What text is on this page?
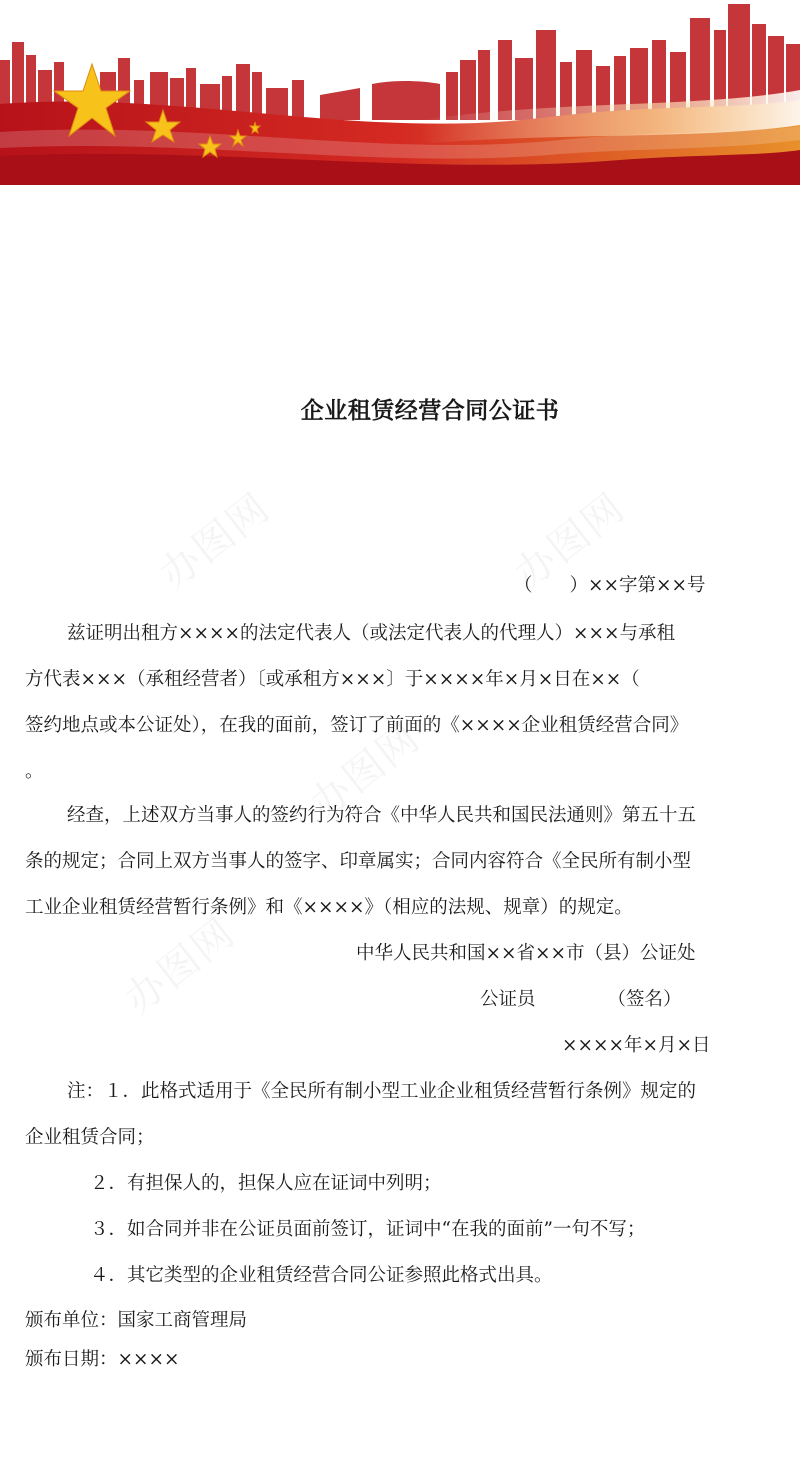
企业租赁经营合同公证书
（　　）××字第××号
兹证明出租方××××的法定代表人（或法定代表人的代理人）×××与承租
方代表×××（承租经营者）〔或承租方×××〕于××××年×月×日在××（
签约地点或本公证处），在我的面前，签订了前面的《××××企业租赁经营合同》
。
经查，上述双方当事人的签约行为符合《中华人民共和国民法通则》第五十五
条的规定；合同上双方当事人的签字、印章属实；合同内容符合《全民所有制小型
工业企业租赁经营暂行条例》和《××××》（相应的法规、规章）的规定。
中华人民共和国××省××市（县）公证处
公证员	（签名）
××××年×月×日
注：１．此格式适用于《全民所有制小型工业企业租赁经营暂行条例》规定的
企业租赁合同；
２．有担保人的，担保人应在证词中列明；
３．如合同并非在公证员面前签订，证词中“在我的面前”一句不写；
４．其它类型的企业租赁经营合同公证参照此格式出具。
颁布单位：国家工商管理局
颁布日期：××××
